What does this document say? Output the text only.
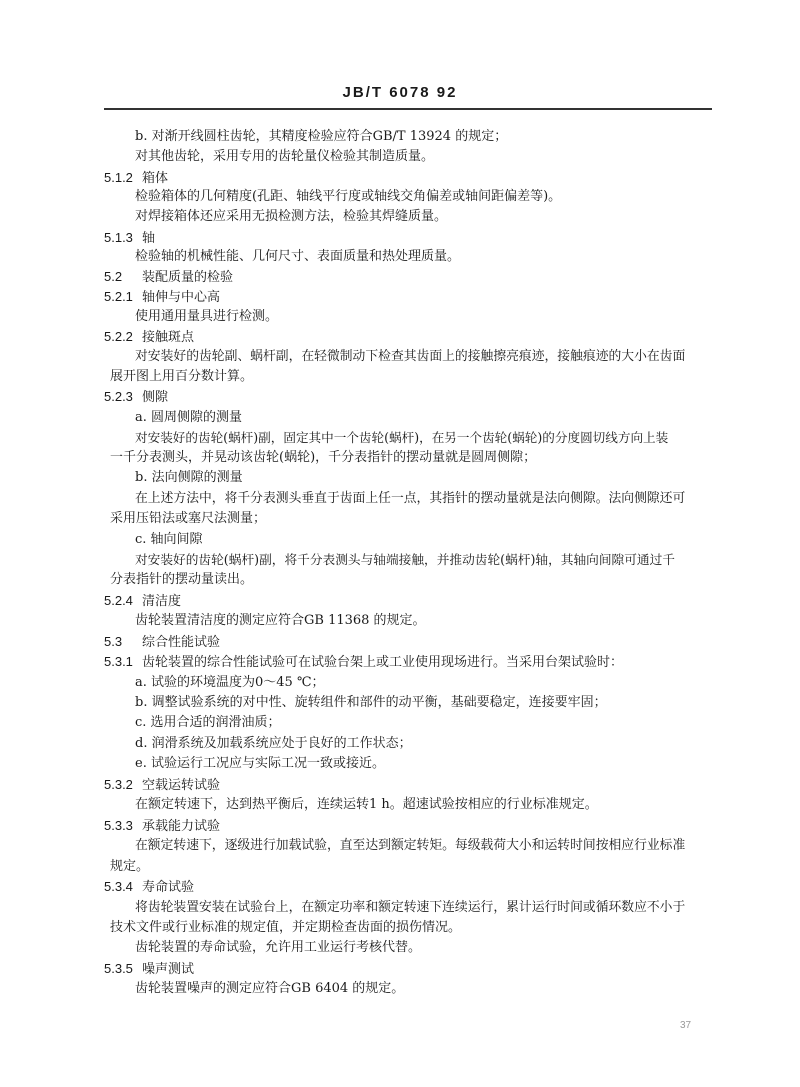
JB/T 6078 92
b. 对渐开线圆柱齿轮，其精度检验应符合GB/T 13924 的规定；
对其他齿轮，采用专用的齿轮量仪检验其制造质量。
5.1.2 箱体
检验箱体的几何精度(孔距、轴线平行度或轴线交角偏差或轴间距偏差等)。
对焊接箱体还应采用无损检测方法，检验其焊缝质量。
5.1.3 轴
检验轴的机械性能、几何尺寸、表面质量和热处理质量。
5.2 装配质量的检验
5.2.1 轴伸与中心高
使用通用量具进行检测。
5.2.2 接触斑点
对安装好的齿轮副、蜗杆副，在轻微制动下检查其齿面上的接触擦亮痕迹，接触痕迹的大小在齿面
展开图上用百分数计算。
5.2.3 侧隙
a. 圆周侧隙的测量
对安装好的齿轮(蜗杆)副，固定其中一个齿轮(蜗杆)，在另一个齿轮(蜗轮)的分度圆切线方向上装
一千分表测头，并晃动该齿轮(蜗轮)，千分表指针的摆动量就是圆周侧隙；
b. 法向侧隙的测量
在上述方法中，将千分表测头垂直于齿面上任一点，其指针的摆动量就是法向侧隙。法向侧隙还可
采用压铅法或塞尺法测量；
c. 轴向间隙
对安装好的齿轮(蜗杆)副，将千分表测头与轴端接触，并推动齿轮(蜗杆)轴，其轴向间隙可通过千
分表指针的摆动量读出。
5.2.4 清洁度
齿轮装置清洁度的测定应符合GB 11368 的规定。
5.3 综合性能试验
5.3.1 齿轮装置的综合性能试验可在试验台架上或工业使用现场进行。当采用台架试验时：
a. 试验的环境温度为0～45 ℃；
b. 调整试验系统的对中性、旋转组件和部件的动平衡，基础要稳定，连接要牢固；
c. 选用合适的润滑油质；
d. 润滑系统及加载系统应处于良好的工作状态；
e. 试验运行工况应与实际工况一致或接近。
5.3.2 空载运转试验
在额定转速下，达到热平衡后，连续运转1 h。超速试验按相应的行业标准规定。
5.3.3 承载能力试验
在额定转速下，逐级进行加载试验，直至达到额定转矩。每级载荷大小和运转时间按相应行业标准
规定。
5.3.4 寿命试验
将齿轮装置安装在试验台上，在额定功率和额定转速下连续运行，累计运行时间或循环数应不小于
技术文件或行业标准的规定值，并定期检查齿面的损伤情况。
齿轮装置的寿命试验，允许用工业运行考核代替。
5.3.5 噪声测试
齿轮装置噪声的测定应符合GB 6404 的规定。
37
